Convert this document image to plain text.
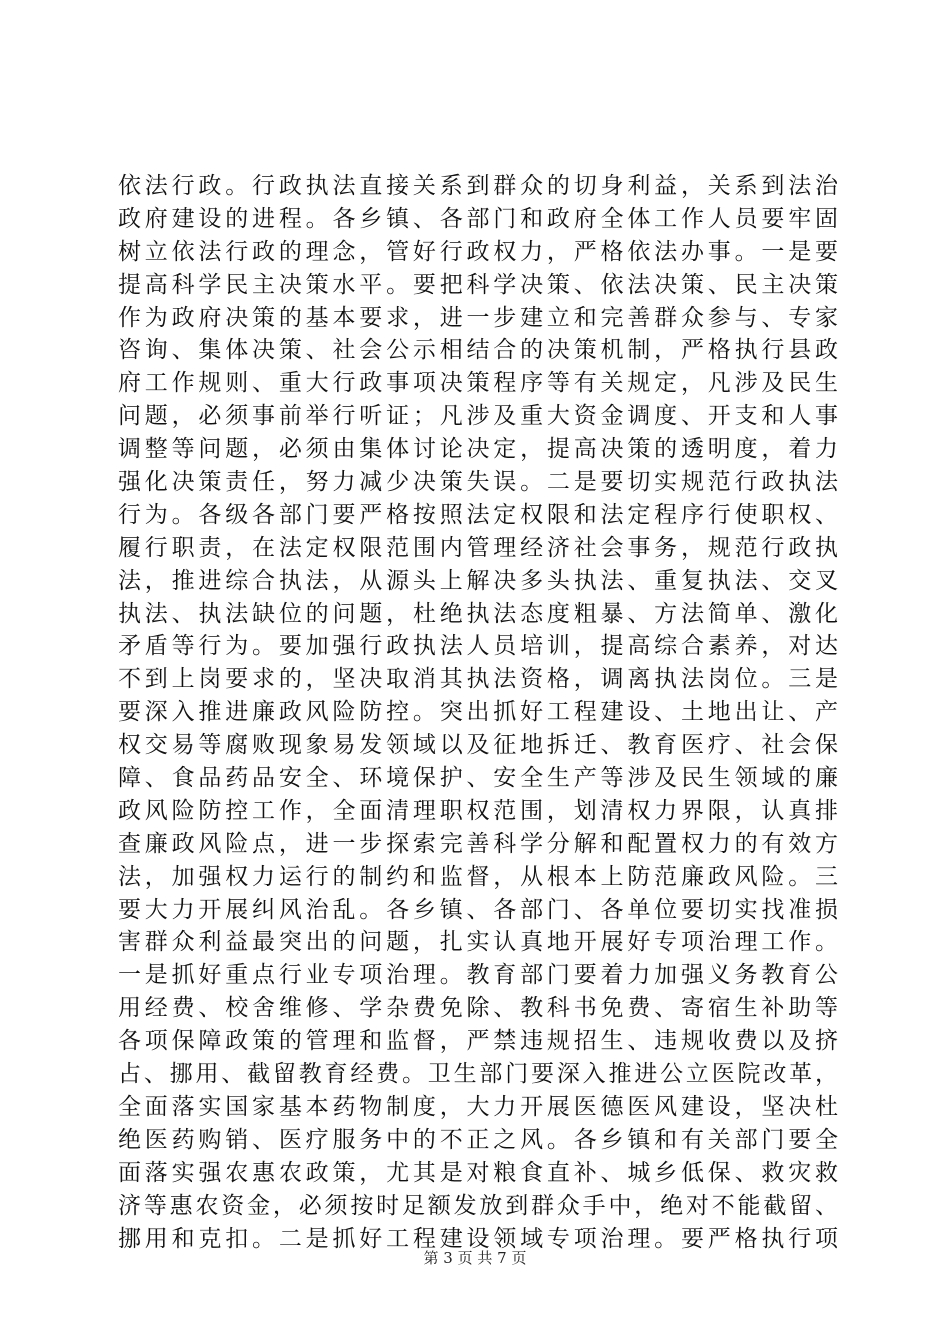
依法行政。行政执法直接关系到群众的切身利益，关系到法治
政府建设的进程。各乡镇、各部门和政府全体工作人员要牢固
树立依法行政的理念，管好行政权力，严格依法办事。一是要
提高科学民主决策水平。要把科学决策、依法决策、民主决策
作为政府决策的基本要求，进一步建立和完善群众参与、专家
咨询、集体决策、社会公示相结合的决策机制，严格执行县政
府工作规则、重大行政事项决策程序等有关规定，凡涉及民生
问题，必须事前举行听证；凡涉及重大资金调度、开支和人事
调整等问题，必须由集体讨论决定，提高决策的透明度，着力
强化决策责任，努力减少决策失误。二是要切实规范行政执法
行为。各级各部门要严格按照法定权限和法定程序行使职权、
履行职责，在法定权限范围内管理经济社会事务，规范行政执
法，推进综合执法，从源头上解决多头执法、重复执法、交叉
执法、执法缺位的问题，杜绝执法态度粗暴、方法简单、激化
矛盾等行为。要加强行政执法人员培训，提高综合素养，对达
不到上岗要求的，坚决取消其执法资格，调离执法岗位。三是
要深入推进廉政风险防控。突出抓好工程建设、土地出让、产
权交易等腐败现象易发领域以及征地拆迁、教育医疗、社会保
障、食品药品安全、环境保护、安全生产等涉及民生领域的廉
政风险防控工作，全面清理职权范围，划清权力界限，认真排
查廉政风险点，进一步探索完善科学分解和配置权力的有效方
法，加强权力运行的制约和监督，从根本上防范廉政风险。三
要大力开展纠风治乱。各乡镇、各部门、各单位要切实找准损
害群众利益最突出的问题，扎实认真地开展好专项治理工作。
一是抓好重点行业专项治理。教育部门要着力加强义务教育公
用经费、校舍维修、学杂费免除、教科书免费、寄宿生补助等
各项保障政策的管理和监督，严禁违规招生、违规收费以及挤
占、挪用、截留教育经费。卫生部门要深入推进公立医院改革，
全面落实国家基本药物制度，大力开展医德医风建设，坚决杜
绝医药购销、医疗服务中的不正之风。各乡镇和有关部门要全
面落实强农惠农政策，尤其是对粮食直补、城乡低保、救灾救
济等惠农资金，必须按时足额发放到群众手中，绝对不能截留、
挪用和克扣。二是抓好工程建设领域专项治理。要严格执行项
第 3 页 共 7 页
